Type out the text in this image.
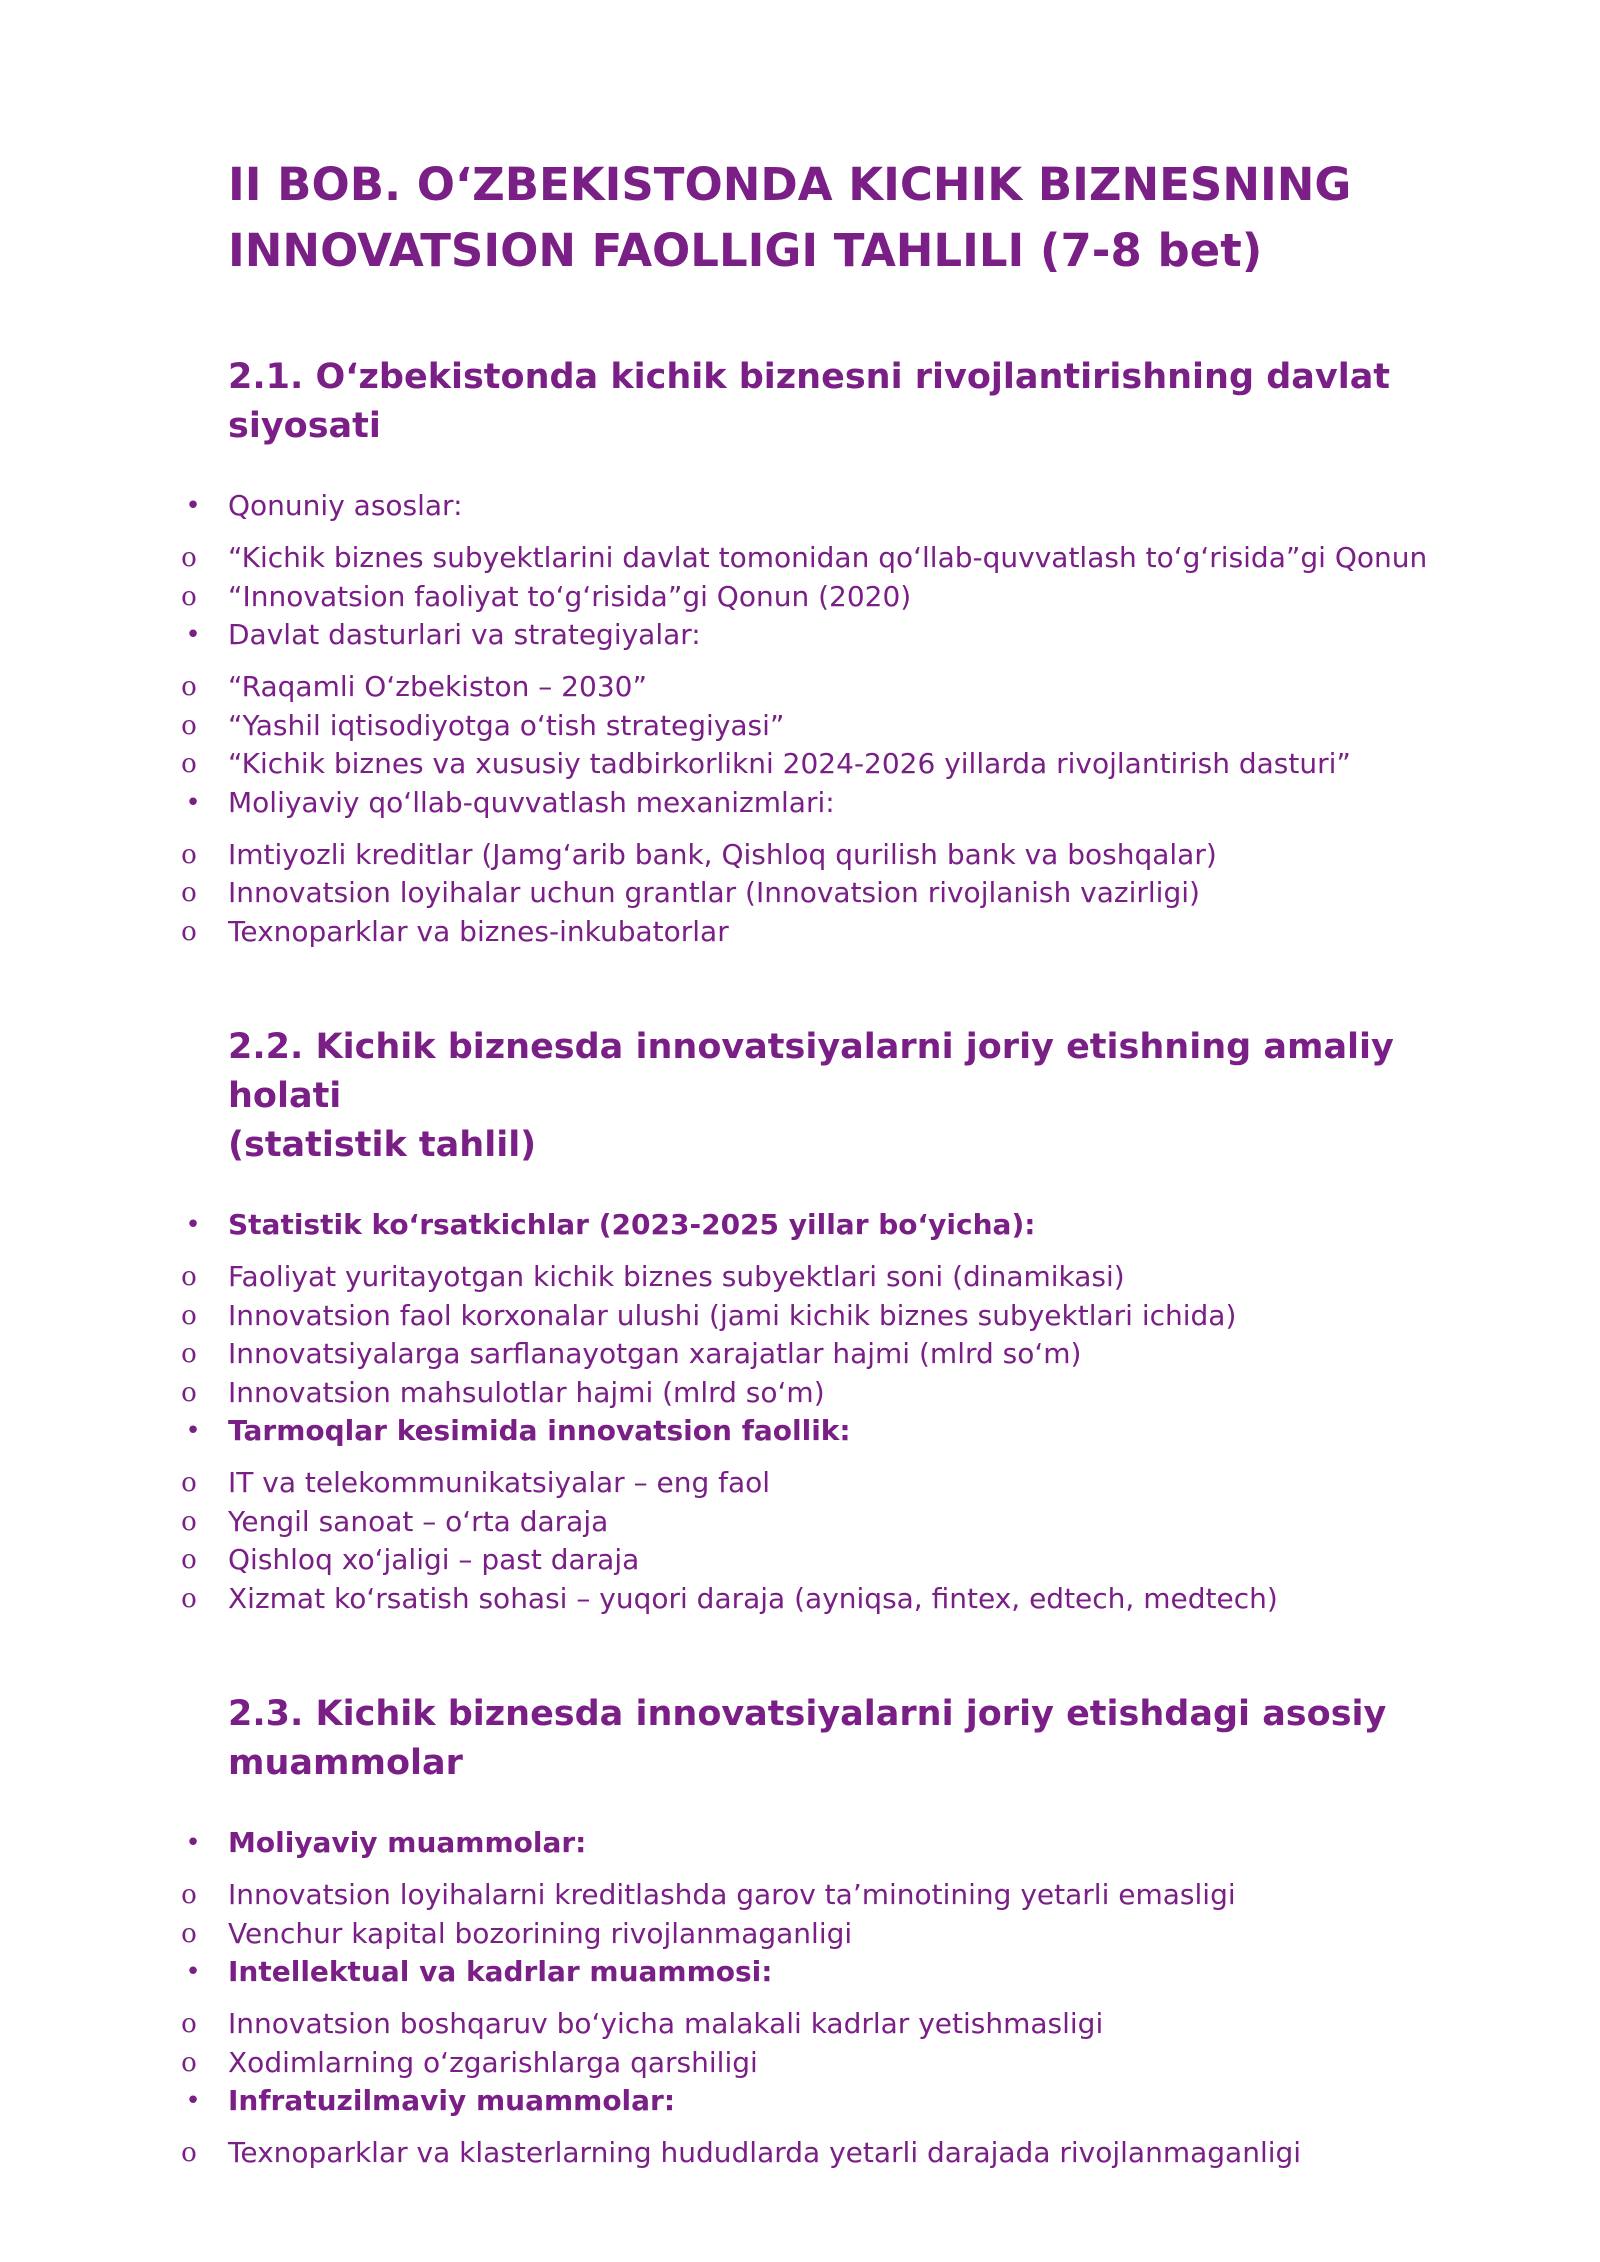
II BOB. O‘ZBEKISTONDA KICHIK BIZNESNING
INNOVATSION FAOLLIGI TAHLILI (7-8 bet)
2.1. O‘zbekistonda kichik biznesni rivojlantirishning davlat siyosati
• Qonuniy asoslar:
o “Kichik biznes subyektlarini davlat tomonidan qo‘llab-quvvatlash to‘g‘risida”gi Qonun
o “Innovatsion faoliyat to‘g‘risida”gi Qonun (2020)
• Davlat dasturlari va strategiyalar:
o “Raqamli O‘zbekiston – 2030”
o “Yashil iqtisodiyotga o‘tish strategiyasi”
o “Kichik biznes va xususiy tadbirkorlikni 2024-2026 yillarda rivojlantirish dasturi”
• Moliyaviy qo‘llab-quvvatlash mexanizmlari:
o Imtiyozli kreditlar (Jamg‘arib bank, Qishloq qurilish bank va boshqalar)
o Innovatsion loyihalar uchun grantlar (Innovatsion rivojlanish vazirligi)
o Texnoparklar va biznes-inkubatorlar
2.2. Kichik biznesda innovatsiyalarni joriy etishning amaliy holati
(statistik tahlil)
• Statistik ko‘rsatkichlar (2023-2025 yillar bo‘yicha):
o Faoliyat yuritayotgan kichik biznes subyektlari soni (dinamikasi)
o Innovatsion faol korxonalar ulushi (jami kichik biznes subyektlari ichida)
o Innovatsiyalarga sarflanayotgan xarajatlar hajmi (mlrd so‘m)
o Innovatsion mahsulotlar hajmi (mlrd so‘m)
• Tarmoqlar kesimida innovatsion faollik:
o IT va telekommunikatsiyalar – eng faol
o Yengil sanoat – o‘rta daraja
o Qishloq xo‘jaligi – past daraja
o Xizmat ko‘rsatish sohasi – yuqori daraja (ayniqsa, fintex, edtech, medtech)
2.3. Kichik biznesda innovatsiyalarni joriy etishdagi asosiy
muammolar
• Moliyaviy muammolar:
o Innovatsion loyihalarni kreditlashda garov ta’minotining yetarli emasligi
o Venchur kapital bozorining rivojlanmaganligi
• Intellektual va kadrlar muammosi:
o Innovatsion boshqaruv bo‘yicha malakali kadrlar yetishmasligi
o Xodimlarning o‘zgarishlarga qarshiligi
• Infratuzilmaviy muammolar:
o Texnoparklar va klasterlarning hududlarda yetarli darajada rivojlanmaganligi
